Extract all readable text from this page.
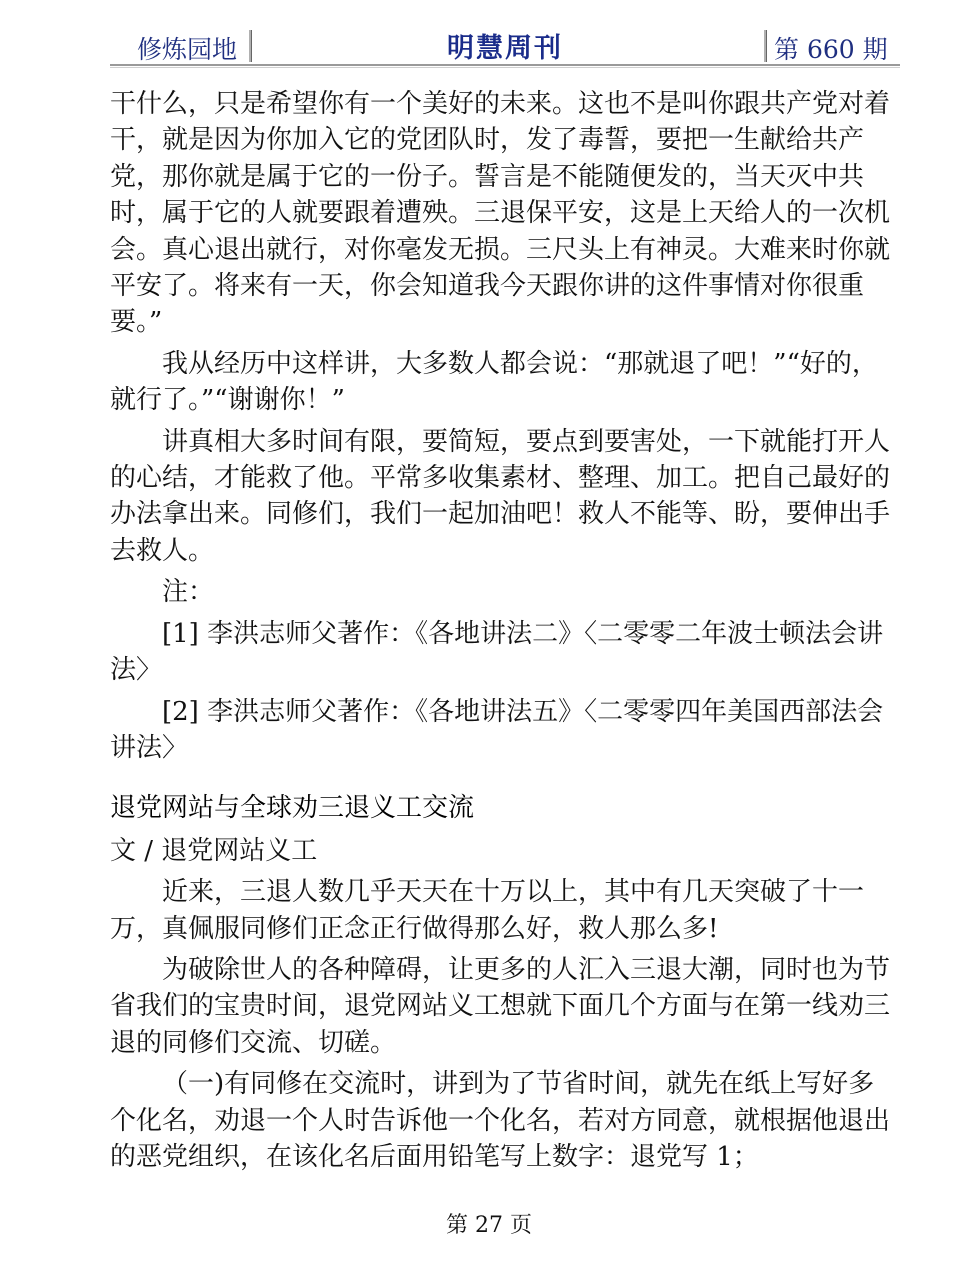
修炼园地	明慧周刊	第 660 期

干什么，只是希望你有一个美好的未来。这也不是叫你跟共产党对着干，就是因为你加入它的党团队时，发了毒誓，要把一生献给共产党，那你就是属于它的一份子。誓言是不能随便发的，当天灭中共时，属于它的人就要跟着遭殃。三退保平安，这是上天给人的一次机会。真心退出就行，对你毫发无损。三尺头上有神灵。大难来时你就平安了。将来有一天，你会知道我今天跟你讲的这件事情对你很重要。”

我从经历中这样讲，大多数人都会说：“那就退了吧！”“好的，就行了。”“谢谢你！”

讲真相大多时间有限，要简短，要点到要害处，一下就能打开人的心结，才能救了他。平常多收集素材、整理、加工。把自己最好的办法拿出来。同修们，我们一起加油吧！救人不能等、盼，要伸出手去救人。

注：

[1] 李洪志师父著作：《各地讲法二》〈二零零二年波士顿法会讲法〉

[2] 李洪志师父著作：《各地讲法五》〈二零零四年美国西部法会讲法〉

退党网站与全球劝三退义工交流

文 / 退党网站义工

近来，三退人数几乎天天在十万以上，其中有几天突破了十一万，真佩服同修们正念正行做得那么好，救人那么多!

为破除世人的各种障碍，让更多的人汇入三退大潮，同时也为节省我们的宝贵时间，退党网站义工想就下面几个方面与在第一线劝三退的同修们交流、切磋。

（一)有同修在交流时，讲到为了节省时间，就先在纸上写好多个化名，劝退一个人时告诉他一个化名，若对方同意，就根据他退出的恶党组织，在该化名后面用铅笔写上数字：退党写 1；

第 27 页
